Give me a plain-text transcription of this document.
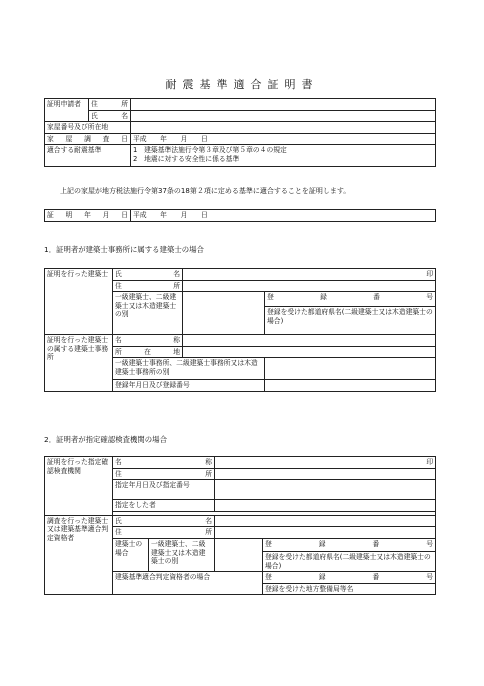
耐震基準適合証明書
証明申請者	住所	
	氏名	
家屋番号及び所在地		
家屋調査日		平成　　年　　月　　日
適合する耐震基準		1　建築基準法施行令第３章及び第５章の４の規定
2　地震に対する安全性に係る基準
上記の家屋が地方税法施行令第37条の18第２項に定める基準に適合することを証明します。
証明年月日	平成　　年　　月　　日
1．証明者が建築士事務所に属する建築士の場合
証明を行った建築士	氏名	印	
	住所		
	一級建築士、二級建築士又は木造建築士の別		登録番号
			登録を受けた都道府県名(二級建築士又は木造建築士の場合)
証明を行った建築士の属する建築士事務所	名称		
	所在地		
	一級建築士事務所、二級建築士事務所又は木造建築士事務所の別		
	登録年月日及び登録番号		
2．証明者が指定確認検査機関の場合
証明を行った指定確認検査機関	名称		印	
	住所			
	指定年月日及び指定番号			
	指定をした者			

調査を行った建築士又は建築基準適合判定資格者	氏名			
	住所			
	建築士の場合	一級建築士、二級建築士又は木造建築士の別		登録番号
				登録を受けた都道府県名(二級建築士又は木造建築士の場合)
	建築基準適合判定資格者の場合			登録番号
				登録を受けた地方整備局等名
